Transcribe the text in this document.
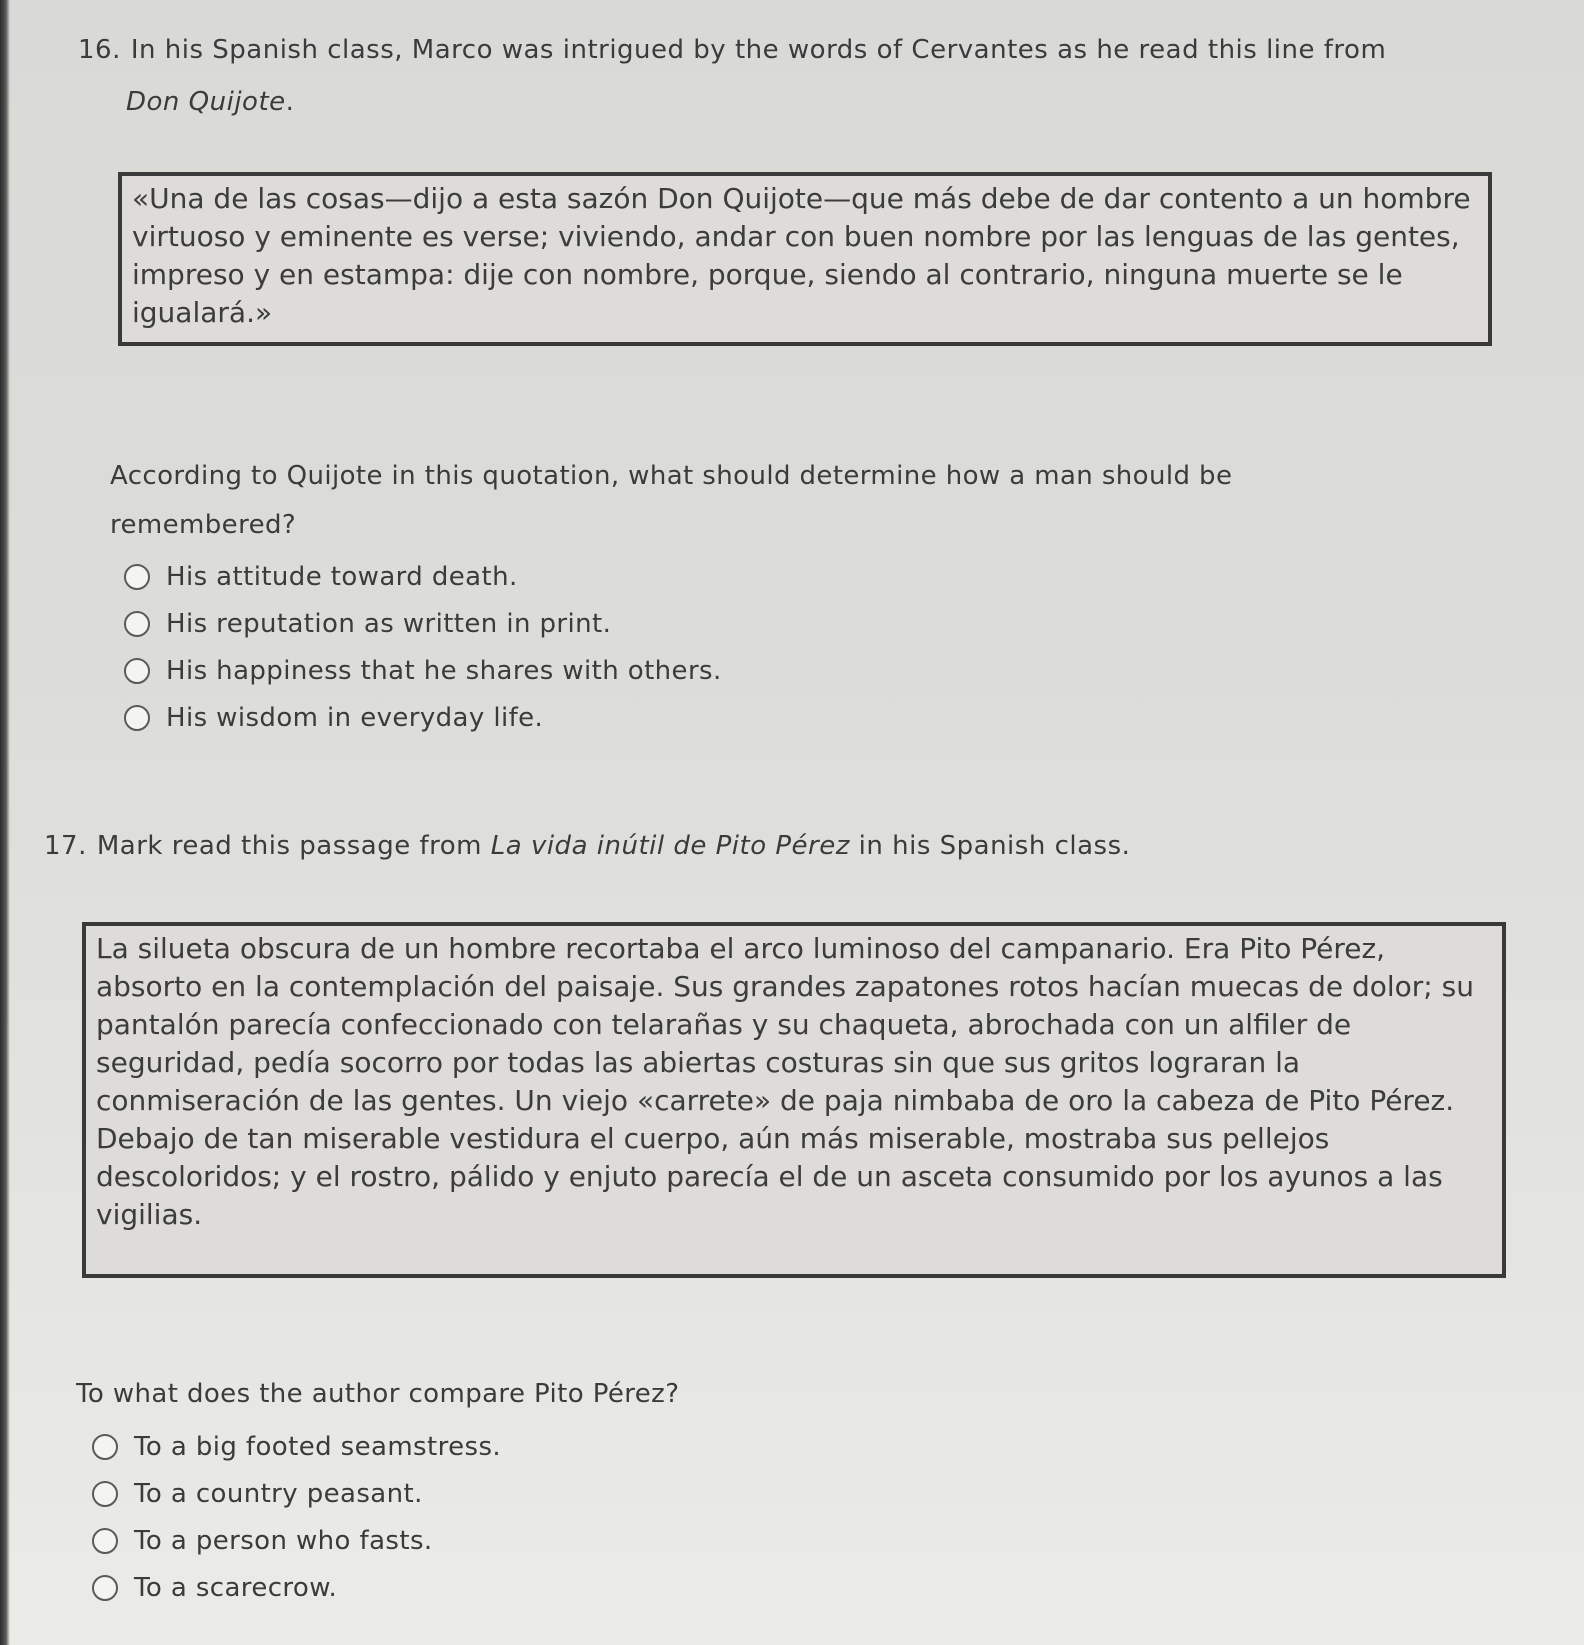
16. In his Spanish class, Marco was intrigued by the words of Cervantes as he read this line from
Don Quijote.
«Una de las cosas—dijo a esta sazón Don Quijote—que más debe de dar contento a un hombre virtuoso y eminente es verse; viviendo, andar con buen nombre por las lenguas de las gentes, impreso y en estampa: dije con nombre, porque, siendo al contrario, ninguna muerte se le igualará.»
According to Quijote in this quotation, what should determine how a man should be remembered?
His attitude toward death.
His reputation as written in print.
His happiness that he shares with others.
His wisdom in everyday life.
17. Mark read this passage from La vida inútil de Pito Pérez in his Spanish class.
La silueta obscura de un hombre recortaba el arco luminoso del campanario. Era Pito Pérez, absorto en la contemplación del paisaje. Sus grandes zapatones rotos hacían muecas de dolor; su pantalón parecía confeccionado con telarañas y su chaqueta, abrochada con un alfiler de seguridad, pedía socorro por todas las abiertas costuras sin que sus gritos lograran la conmiseración de las gentes. Un viejo «carrete» de paja nimbaba de oro la cabeza de Pito Pérez. Debajo de tan miserable vestidura el cuerpo, aún más miserable, mostraba sus pellejos descoloridos; y el rostro, pálido y enjuto parecía el de un asceta consumido por los ayunos a las vigilias.
To what does the author compare Pito Pérez?
To a big footed seamstress.
To a country peasant.
To a person who fasts.
To a scarecrow.
